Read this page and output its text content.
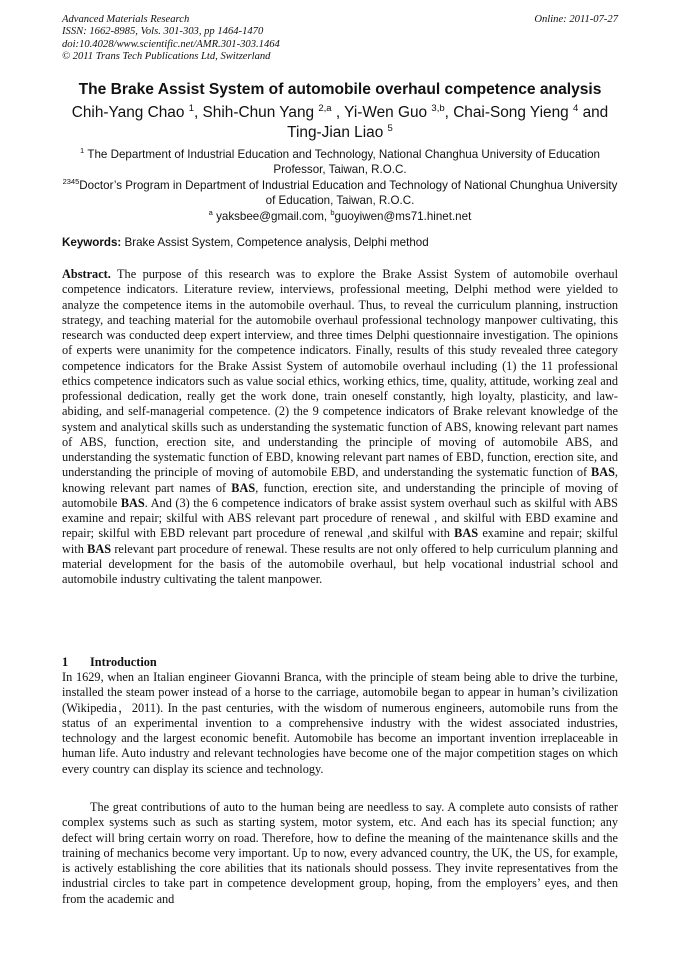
Advanced Materials Research
ISSN: 1662-8985, Vols. 301-303, pp 1464-1470
doi:10.4028/www.scientific.net/AMR.301-303.1464
© 2011 Trans Tech Publications Ltd, Switzerland
Online: 2011-07-27
The Brake Assist System of automobile overhaul competence analysis
Chih-Yang Chao $^1$, Shih-Chun Yang $^{2,a}$ , Yi-Wen Guo $^{3,b}$, Chai-Song Yieng $^4$ and
Ting-Jian Liao $^5$
$^1$ The Department of Industrial Education and Technology, National Changhua University of Education Professor, Taiwan, R.O.C.
$^{2345}$Doctor’s Program in Department of Industrial Education and Technology of National Chunghua University of Education, Taiwan, R.O.C.
$^a$ yaksbee@gmail.com, $^b$guoyiwen@ms71.hinet.net
Keywords: Brake Assist System, Competence analysis, Delphi method

Abstract. The purpose of this research was to explore the Brake Assist System of automobile overhaul competence indicators. Literature review, interviews, professional meeting, Delphi method were yielded to analyze the competence items in the automobile overhaul. Thus, to reveal the curriculum planning, instruction strategy, and teaching material for the automobile overhaul professional technology manpower cultivating, this research was conducted deep expert interview, and three times Delphi questionnaire investigation. The opinions of experts were unanimity for the competence indicators. Finally, results of this study revealed three category competence indicators for the Brake Assist System of automobile overhaul including (1) the 11 professional ethics competence indicators such as value social ethics, working ethics, time, quality, attitude, working zeal and professional dedication, really get the work done, train oneself constantly, high loyalty, plasticity, and law-abiding, and self-managerial competence. (2) the 9 competence indicators of Brake relevant knowledge of the system and analytical skills such as understanding the systematic function of ABS, knowing relevant part names of ABS, function, erection site, and understanding the principle of moving of automobile ABS, and understanding the systematic function of EBD, knowing relevant part names of EBD, function, erection site, and understanding the principle of moving of automobile EBD, and understanding the systematic function of BAS, knowing relevant part names of BAS, function, erection site, and understanding the principle of moving of automobile BAS. And (3) the 6 competence indicators of brake assist system overhaul such as skilful with ABS examine and repair; skilful with ABS relevant part procedure of renewal , and skilful with EBD examine and repair; skilful with EBD relevant part procedure of renewal ,and skilful with BAS examine and repair; skilful with BAS relevant part procedure of renewal. These results are not only offered to help curriculum planning and material development for the basis of the automobile overhaul, but help vocational industrial school and automobile industry cultivating the talent manpower.

1 Introduction

In 1629, when an Italian engineer Giovanni Branca, with the principle of steam being able to drive the turbine, installed the steam power instead of a horse to the carriage, automobile began to appear in human’s civilization (Wikipedia，2011). In the past centuries, with the wisdom of numerous engineers, automobile runs from the status of an experimental invention to a comprehensive industry with the widest associated industries, technology and the largest economic benefit. Automobile has become an important invention irreplaceable in human life. Auto industry and relevant technologies have become one of the major competition stages on which every country can display its science and technology.

The great contributions of auto to the human being are needless to say. A complete auto consists of rather complex systems such as such as starting system, motor system, etc. And each has its special function; any defect will bring certain worry on road. Therefore, how to define the meaning of the maintenance skills and the training of mechanics become very important. Up to now, every advanced country, the UK, the US, for example, is actively establishing the core abilities that its nationals should possess. They invite representatives from the industrial circles to take part in competence development group, hoping, from the employers’ eyes, and then from the academic and
